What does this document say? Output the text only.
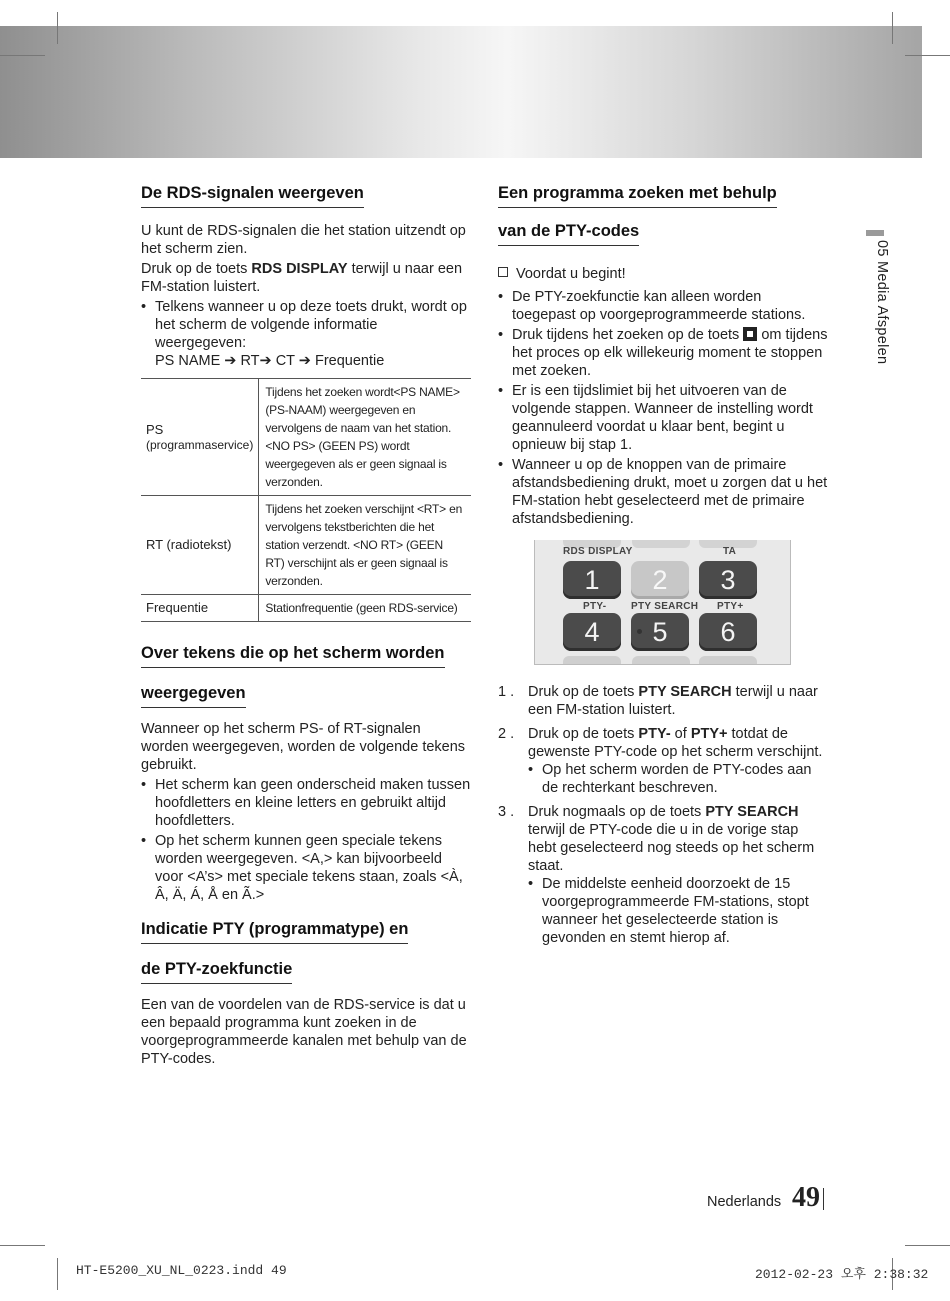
De RDS-signalen weergeven

U kunt de RDS-signalen die het station uitzendt op het scherm zien.

Druk op de toets RDS DISPLAY terwijl u naar een FM-station luistert.

• Telkens wanneer u op deze toets drukt, wordt op het scherm de volgende informatie weergegeven:
PS NAME ➔ RT➔ CT ➔ Frequentie
PS
(programmaservice)	Tijdens het zoeken wordt<PS NAME> (PS-NAAM) weergegeven en vervolgens de naam van het station. <NO PS> (GEEN PS) wordt weergegeven als er geen signaal is verzonden.
RT (radiotekst)	Tijdens het zoeken verschijnt <RT> en vervolgens tekstberichten die het station verzendt. <NO RT> (GEEN RT) verschijnt als er geen signaal is verzonden.
Frequentie	Stationfrequentie (geen RDS-service)
Over tekens die op het scherm worden
weergegeven

Wanneer op het scherm PS- of RT-signalen worden weergegeven, worden de volgende tekens gebruikt.

• Het scherm kan geen onderscheid maken tussen hoofdletters en kleine letters en gebruikt altijd hoofdletters.
• Op het scherm kunnen geen speciale tekens worden weergegeven. <A,> kan bijvoorbeeld voor <A’s> met speciale tekens staan, zoals <À, Â, Ä, Á, Å en Ã.>
Indicatie PTY (programmatype) en
de PTY-zoekfunctie

Een van de voordelen van de RDS-service is dat u een bepaald programma kunt zoeken in de voorgeprogrammeerde kanalen met behulp van de PTY-codes.

Een programma zoeken met behulp
van de PTY-codes
Voordat u begint!
• De PTY-zoekfunctie kan alleen worden toegepast op voorgeprogrammeerde stations.
• Druk tijdens het zoeken op de toets  om tijdens het proces op elk willekeurig moment te stoppen met zoeken.
• Er is een tijdslimiet bij het uitvoeren van de volgende stappen. Wanneer de instelling wordt geannuleerd voordat u klaar bent, begint u opnieuw bij stap 1.
• Wanneer u op de knoppen van de primaire afstandsbediening drukt, moet u zorgen dat u het FM-station hebt geselecteerd met de primaire afstandsbediening.
RDS DISPLAY	TA
1	2	3
PTY- PTY SEARCH PTY+
4	5	6
1 . Druk op de toets PTY SEARCH terwijl u naar een FM-station luistert.
2 . Druk op de toets PTY- of PTY+ totdat de gewenste PTY-code op het scherm verschijnt.
• Op het scherm worden de PTY-codes aan de rechterkant beschreven.
3 . Druk nogmaals op de toets PTY SEARCH terwijl de PTY-code die u in de vorige stap hebt geselecteerd nog steeds op het scherm staat.
• De middelste eenheid doorzoekt de 15 voorgeprogrammeerde FM-stations, stopt wanneer het geselecteerde station is gevonden en stemt hierop af.
05 Media Afspelen
Nederlands 49
HT-E5200_XU_NL_0223.indd 49	2012-02-23 오후 2:38:32
